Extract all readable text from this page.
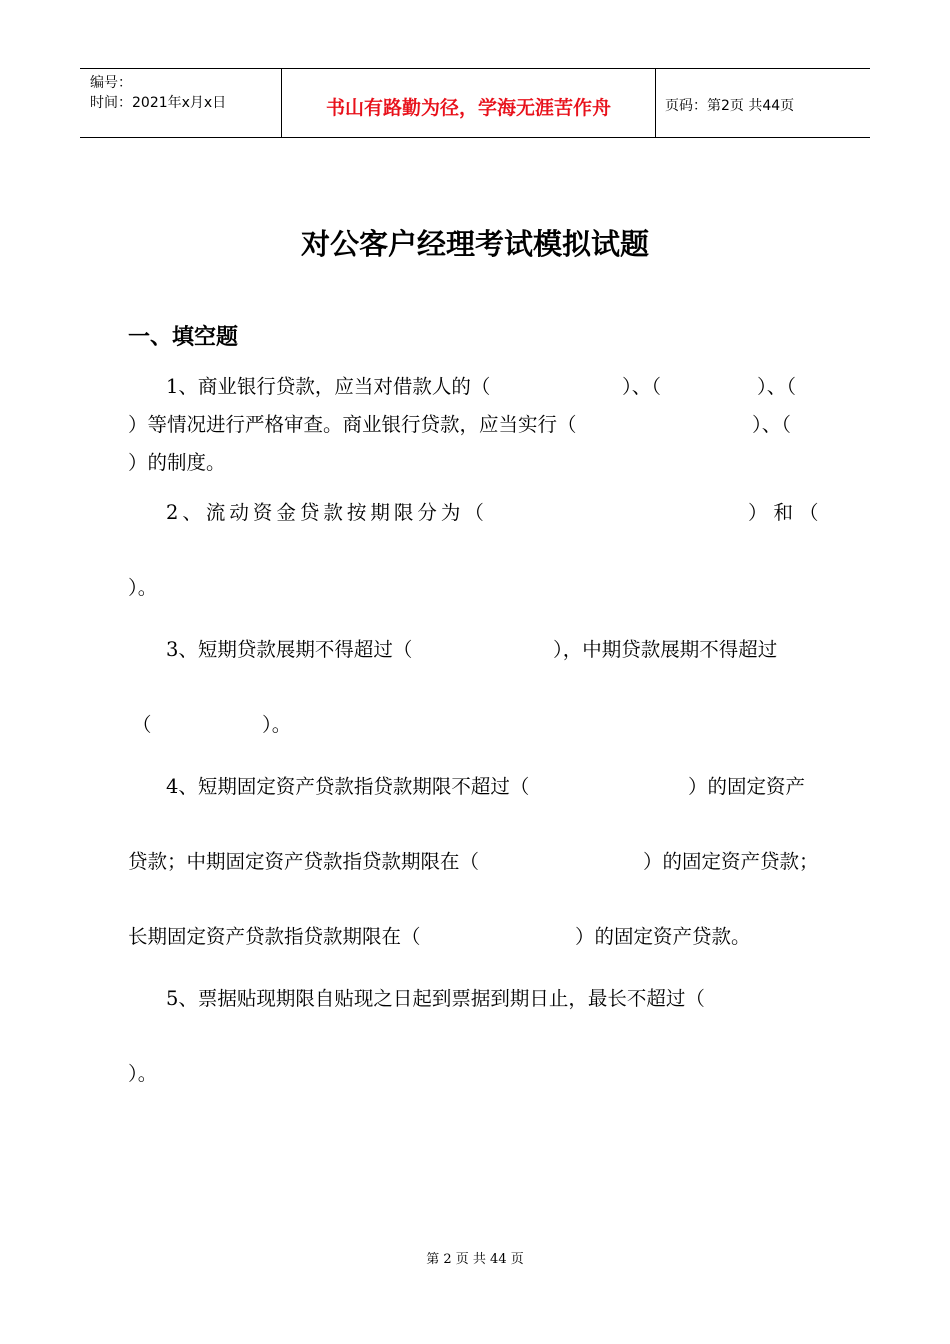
编号：
时间：2021年x月x日	书山有路勤为径，学海无涯苦作舟	页码：第2页 共44页
对公客户经理考试模拟试题
一、填空题
1、商业银行贷款，应当对借款人的（	）、（	）、（
）等情况进行严格审查。商业银行贷款，应当实行（	）、（
）的制度。
2、流动资金贷款按期限分为（	）和（
）。
3、短期贷款展期不得超过（	），中期贷款展期不得超过
（	）。
4、短期固定资产贷款指贷款期限不超过（	）的固定资产
贷款；中期固定资产贷款指贷款期限在（	）的固定资产贷款；
长期固定资产贷款指贷款期限在（	）的固定资产贷款。
5、票据贴现期限自贴现之日起到票据到期日止，最长不超过（
）。
第 2 页 共 44 页
